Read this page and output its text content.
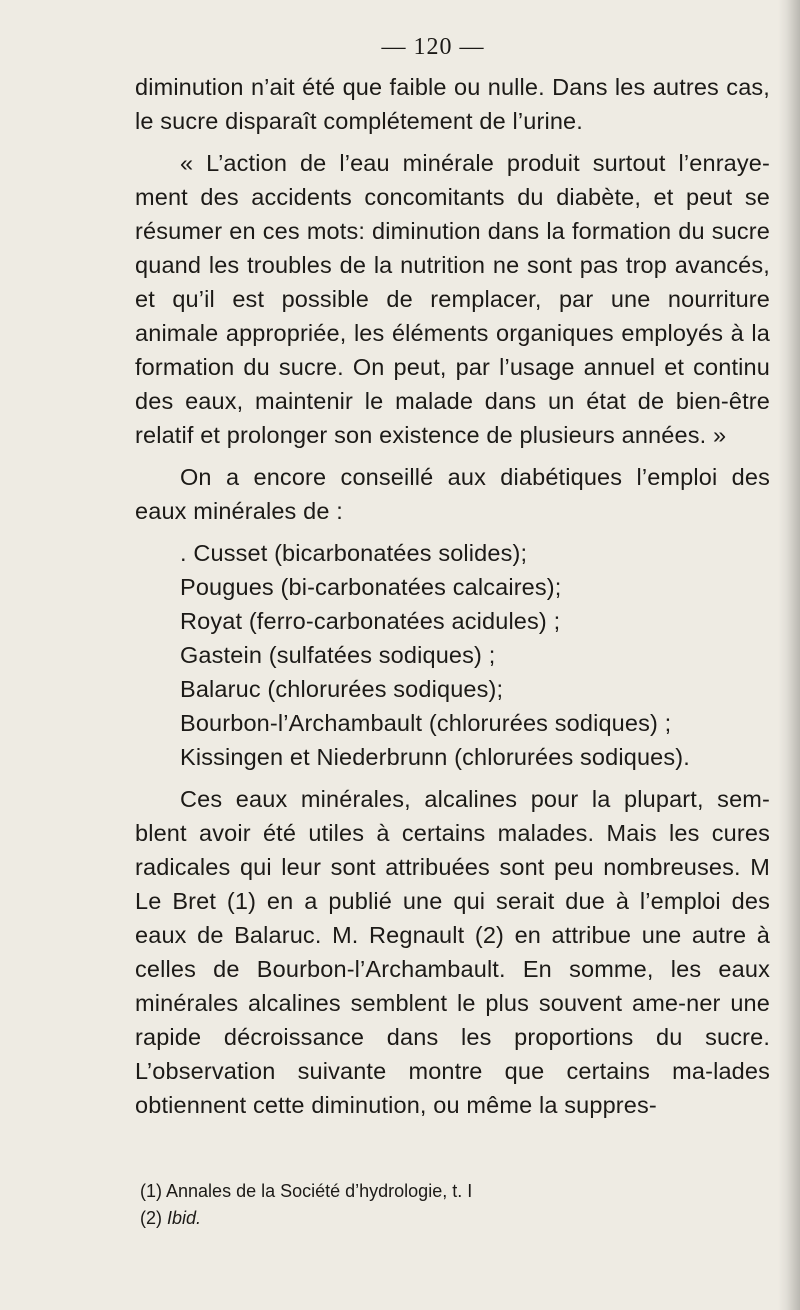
— 120 —

diminution n’ait été que faible ou nulle. Dans les autres cas, le sucre disparaît complétement de l’urine.

« L’action de l’eau minérale produit surtout l’enraye-ment des accidents concomitants du diabète, et peut se résumer en ces mots: diminution dans la formation du sucre quand les troubles de la nutrition ne sont pas trop avancés, et qu’il est possible de remplacer, par une nourriture animale appropriée, les éléments organiques employés à la formation du sucre. On peut, par l’usage annuel et continu des eaux, maintenir le malade dans un état de bien-être relatif et prolonger son existence de plusieurs années. »

On a encore conseillé aux diabétiques l’emploi des eaux minérales de :

. Cusset (bicarbonatées solides);
Pougues (bi-carbonatées calcaires);
Royat (ferro-carbonatées acidules) ;
Gastein (sulfatées sodiques) ;
Balaruc (chlorurées sodiques);
Bourbon-l’Archambault (chlorurées sodiques) ;
Kissingen et Niederbrunn (chlorurées sodiques).

Ces eaux minérales, alcalines pour la plupart, sem-blent avoir été utiles à certains malades. Mais les cures radicales qui leur sont attribuées sont peu nombreuses. M Le Bret (1) en a publié une qui serait due à l’emploi des eaux de Balaruc. M. Regnault (2) en attribue une autre à celles de Bourbon-l’Archambault. En somme, les eaux minérales alcalines semblent le plus souvent ame-ner une rapide décroissance dans les proportions du sucre. L’observation suivante montre que certains ma-lades obtiennent cette diminution, ou même la suppres-

(1) Annales de la Société d’hydrologie, t. I

(2) Ibid.
